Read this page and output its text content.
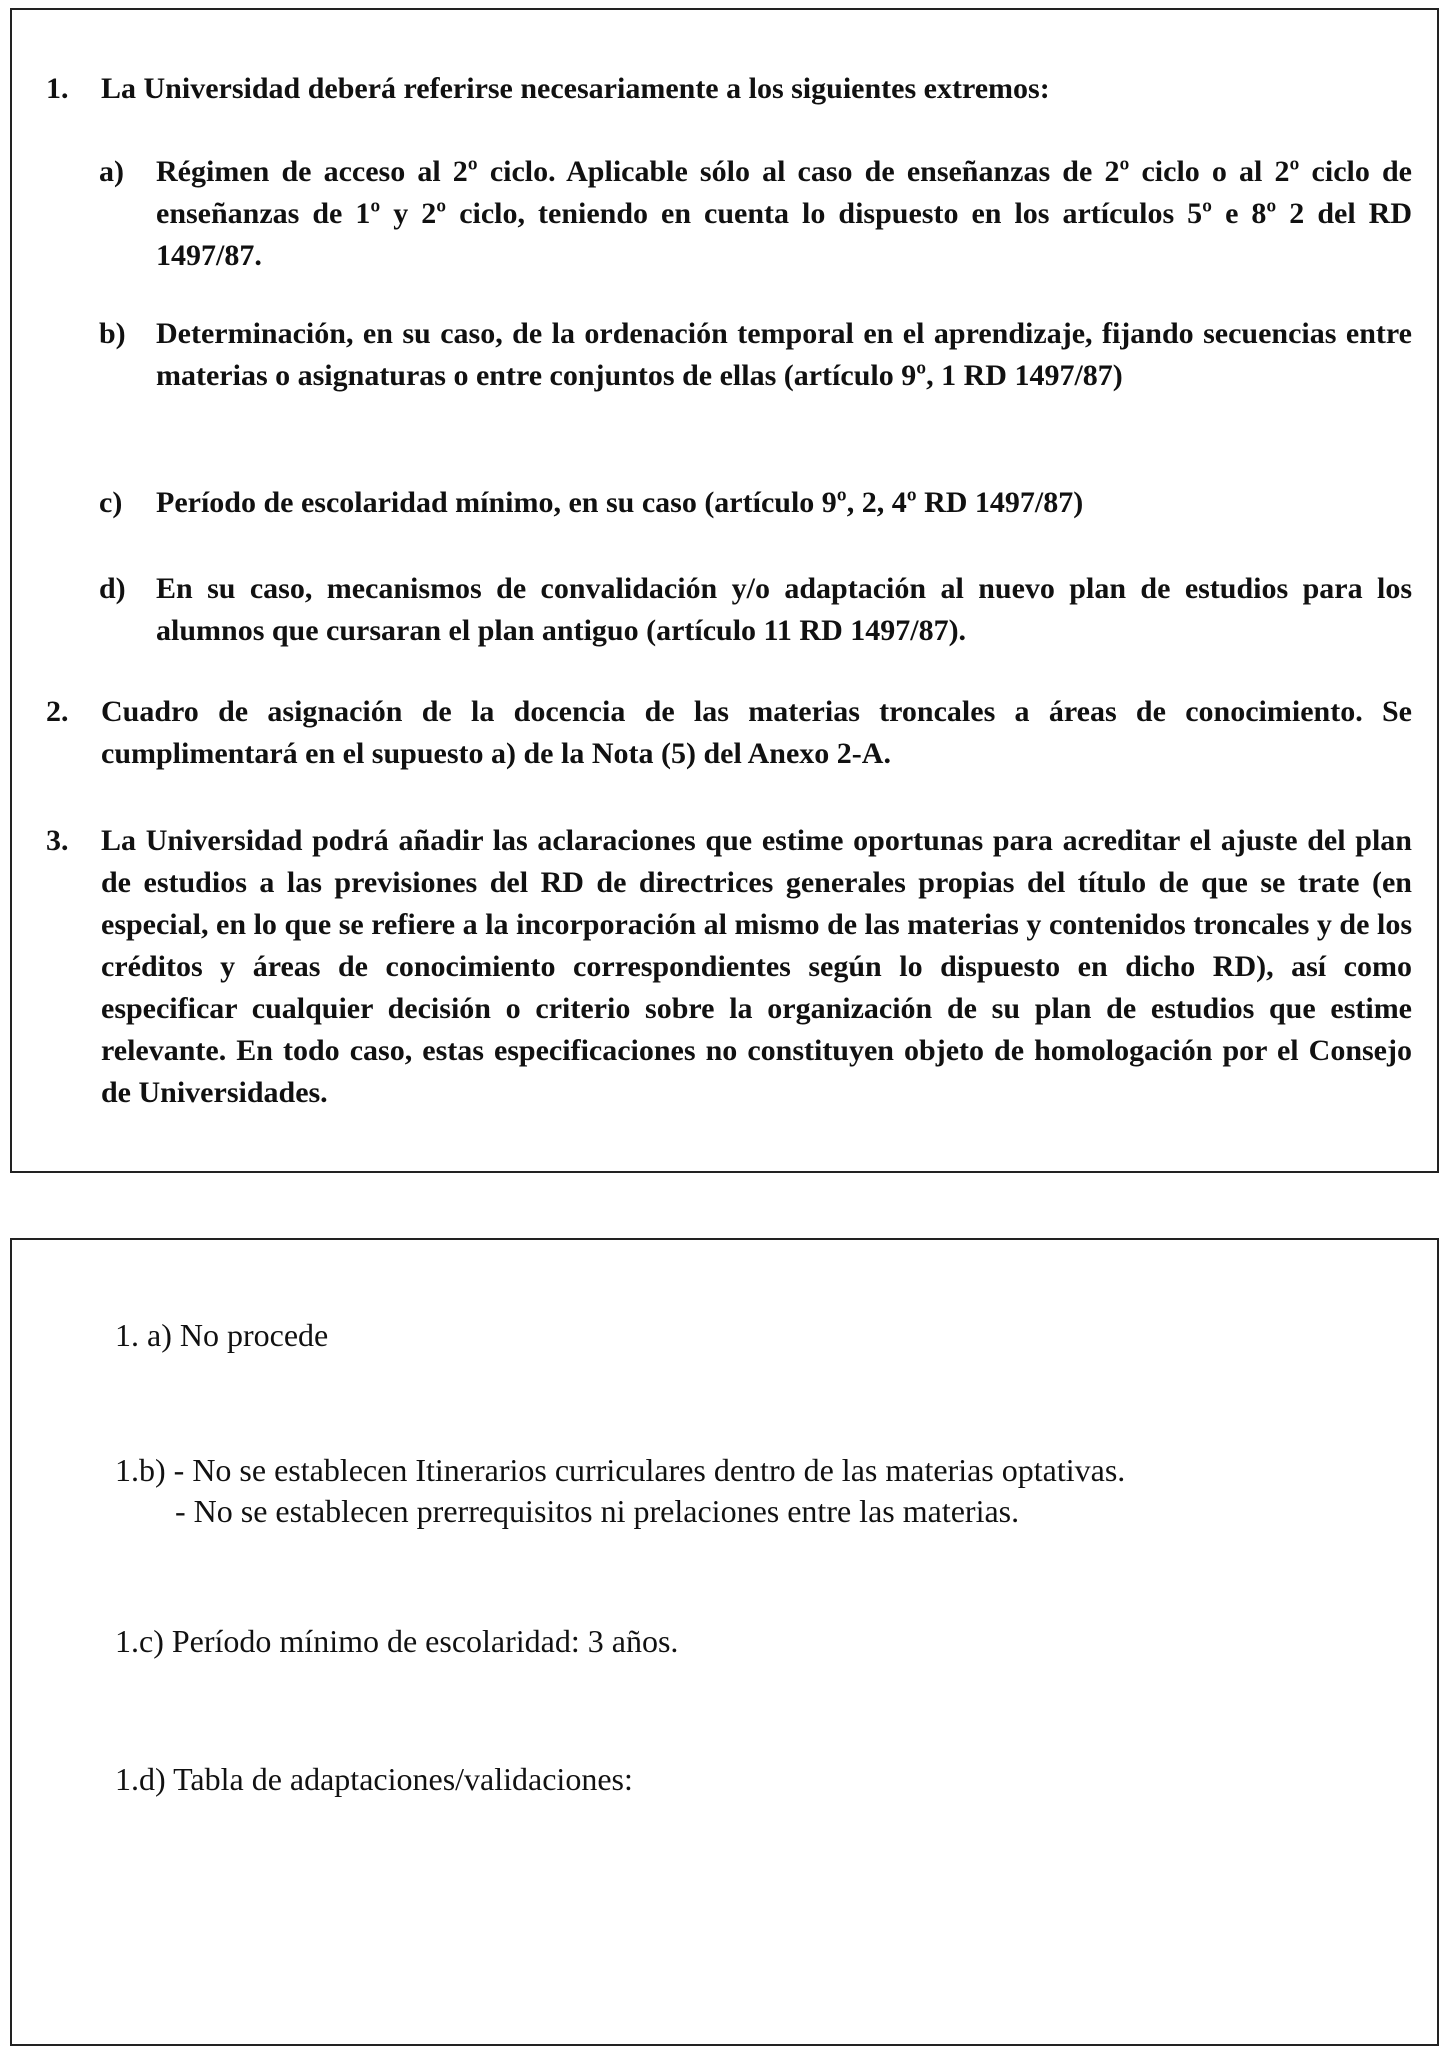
1. La Universidad deberá referirse necesariamente a los siguientes extremos:
a) Régimen de acceso al 2º ciclo. Aplicable sólo al caso de enseñanzas de 2º ciclo o al 2º ciclo de enseñanzas de 1º y 2º ciclo, teniendo en cuenta lo dispuesto en los artículos 5º e 8º 2 del RD 1497/87.
b) Determinación, en su caso, de la ordenación temporal en el aprendizaje, fijando secuencias entre materias o asignaturas o entre conjuntos de ellas (artículo 9º, 1 RD 1497/87)
c) Período de escolaridad mínimo, en su caso (artículo 9º, 2, 4º RD 1497/87)
d) En su caso, mecanismos de convalidación y/o adaptación al nuevo plan de estudios para los alumnos que cursaran el plan antiguo (artículo 11 RD 1497/87).
2. Cuadro de asignación de la docencia de las materias troncales a áreas de conocimiento. Se cumplimentará en el supuesto a) de la Nota (5) del Anexo 2-A.
3. La Universidad podrá añadir las aclaraciones que estime oportunas para acreditar el ajuste del plan de estudios a las previsiones del RD de directrices generales propias del título de que se trate (en especial, en lo que se refiere a la incorporación al mismo de las materias y contenidos troncales y de los créditos y áreas de conocimiento correspondientes según lo dispuesto en dicho RD), así como especificar cualquier decisión o criterio sobre la organización de su plan de estudios que estime relevante. En todo caso, estas especificaciones no constituyen objeto de homologación por el Consejo de Universidades.
1. a) No procede
1.b) - No se establecen Itinerarios curriculares dentro de las materias optativas.
- No se establecen prerrequisitos ni prelaciones entre las materias.
1.c) Período mínimo de escolaridad: 3 años.
1.d) Tabla de adaptaciones/validaciones:
